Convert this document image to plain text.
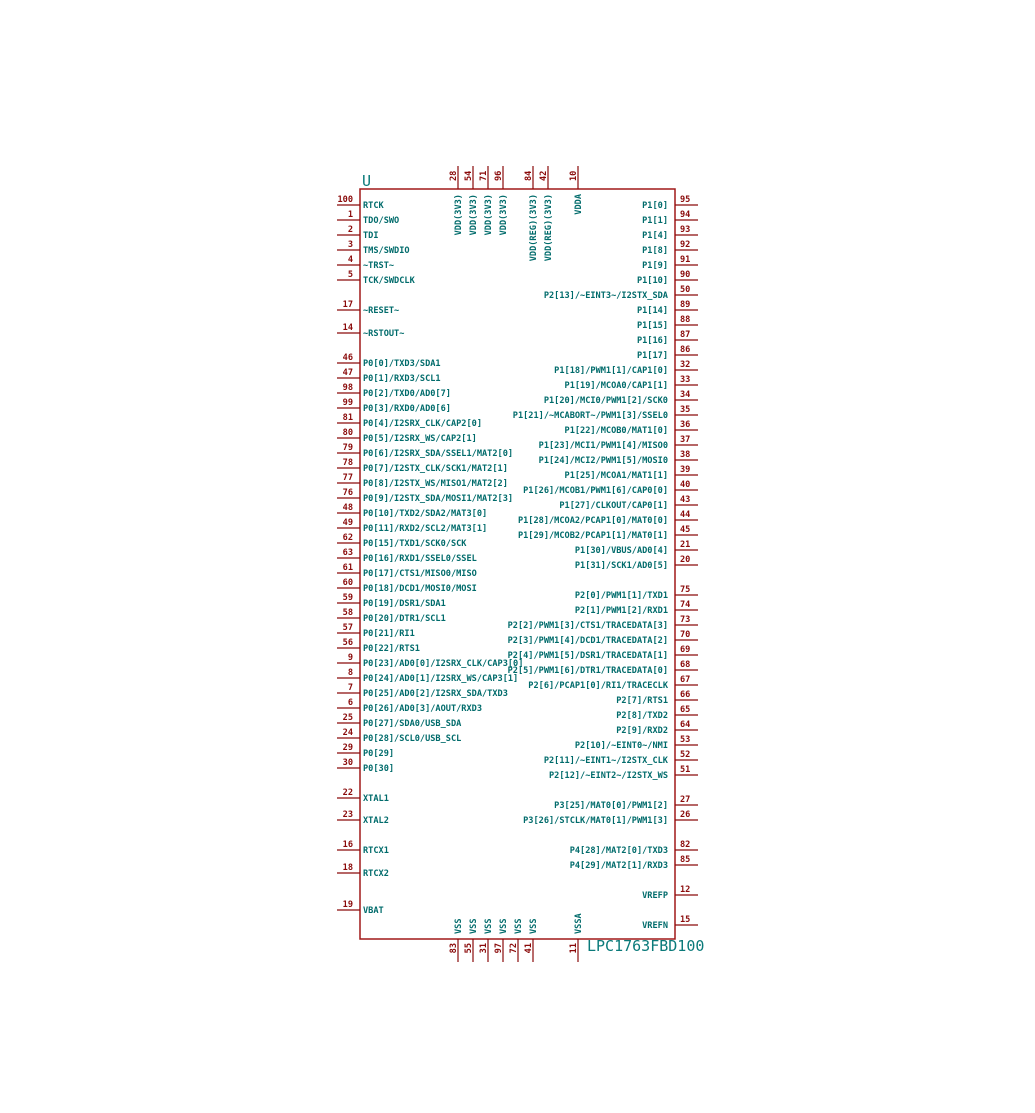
U
LPC1763FBD100
100
RTCK
1
TDO/SWO
2
TDI
3
TMS/SWDIO
4
~TRST~
5
TCK/SWDCLK
17
~RESET~
14
~RSTOUT~
46
P0[0]/TXD3/SDA1
47
P0[1]/RXD3/SCL1
98
P0[2]/TXD0/AD0[7]
99
P0[3]/RXD0/AD0[6]
81
P0[4]/I2SRX_CLK/CAP2[0]
80
P0[5]/I2SRX_WS/CAP2[1]
79
P0[6]/I2SRX_SDA/SSEL1/MAT2[0]
78
P0[7]/I2STX_CLK/SCK1/MAT2[1]
77
P0[8]/I2STX_WS/MISO1/MAT2[2]
76
P0[9]/I2STX_SDA/MOSI1/MAT2[3]
48
P0[10]/TXD2/SDA2/MAT3[0]
49
P0[11]/RXD2/SCL2/MAT3[1]
62
P0[15]/TXD1/SCK0/SCK
63
P0[16]/RXD1/SSEL0/SSEL
61
P0[17]/CTS1/MISO0/MISO
60
P0[18]/DCD1/MOSI0/MOSI
59
P0[19]/DSR1/SDA1
58
P0[20]/DTR1/SCL1
57
P0[21]/RI1
56
P0[22]/RTS1
9
P0[23]/AD0[0]/I2SRX_CLK/CAP3[0]
8
P0[24]/AD0[1]/I2SRX_WS/CAP3[1]
7
P0[25]/AD0[2]/I2SRX_SDA/TXD3
6
P0[26]/AD0[3]/AOUT/RXD3
25
P0[27]/SDA0/USB_SDA
24
P0[28]/SCL0/USB_SCL
29
P0[29]
30
P0[30]
22
XTAL1
23
XTAL2
16
RTCX1
18
RTCX2
19
VBAT
95
P1[0]
94
P1[1]
93
P1[4]
92
P1[8]
91
P1[9]
90
P1[10]
50
P2[13]/~EINT3~/I2STX_SDA
89
P1[14]
88
P1[15]
87
P1[16]
86
P1[17]
32
P1[18]/PWM1[1]/CAP1[0]
33
P1[19]/MCOA0/CAP1[1]
34
P1[20]/MCI0/PWM1[2]/SCK0
35
P1[21]/~MCABORT~/PWM1[3]/SSEL0
36
P1[22]/MCOB0/MAT1[0]
37
P1[23]/MCI1/PWM1[4]/MISO0
38
P1[24]/MCI2/PWM1[5]/MOSI0
39
P1[25]/MCOA1/MAT1[1]
40
P1[26]/MCOB1/PWM1[6]/CAP0[0]
43
P1[27]/CLKOUT/CAP0[1]
44
P1[28]/MCOA2/PCAP1[0]/MAT0[0]
45
P1[29]/MCOB2/PCAP1[1]/MAT0[1]
21
P1[30]/VBUS/AD0[4]
20
P1[31]/SCK1/AD0[5]
75
P2[0]/PWM1[1]/TXD1
74
P2[1]/PWM1[2]/RXD1
73
P2[2]/PWM1[3]/CTS1/TRACEDATA[3]
70
P2[3]/PWM1[4]/DCD1/TRACEDATA[2]
69
P2[4]/PWM1[5]/DSR1/TRACEDATA[1]
68
P2[5]/PWM1[6]/DTR1/TRACEDATA[0]
67
P2[6]/PCAP1[0]/RI1/TRACECLK
66
P2[7]/RTS1
65
P2[8]/TXD2
64
P2[9]/RXD2
53
P2[10]/~EINT0~/NMI
52
P2[11]/~EINT1~/I2STX_CLK
51
P2[12]/~EINT2~/I2STX_WS
27
P3[25]/MAT0[0]/PWM1[2]
26
P3[26]/STCLK/MAT0[1]/PWM1[3]
82
P4[28]/MAT2[0]/TXD3
85
P4[29]/MAT2[1]/RXD3
12
VREFP
15
VREFN
28
VDD(3V3)
54
VDD(3V3)
71
VDD(3V3)
96
VDD(3V3)
84
VDD(REG)(3V3)
42
VDD(REG)(3V3)
10
VDDA
83
VSS
55
VSS
31
VSS
97
VSS
72
VSS
41
VSS
11
VSSA
